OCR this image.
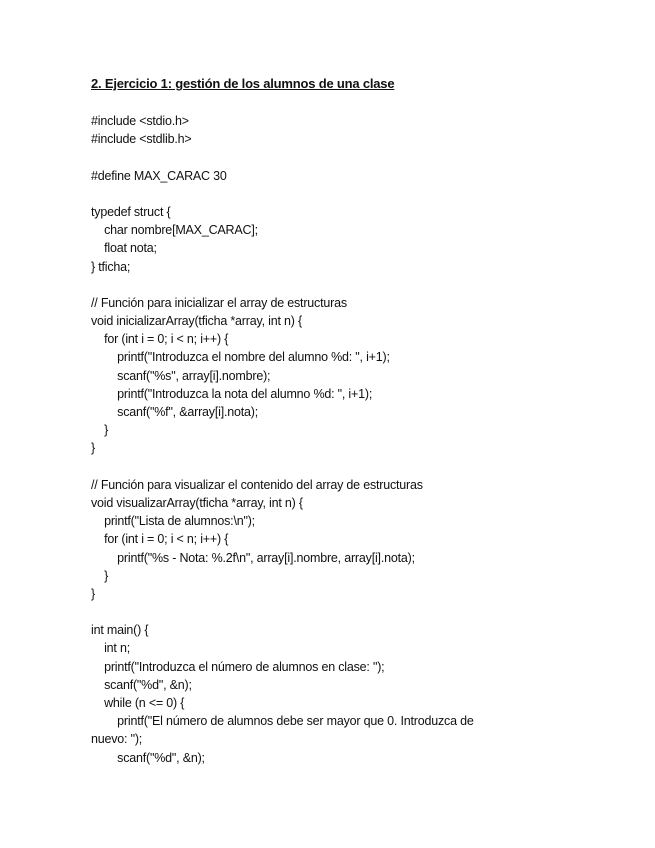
2. Ejercicio 1: gestión de los alumnos de una clase
#include <stdio.h>
#include <stdlib.h>
#define MAX_CARAC 30
typedef struct {
char nombre[MAX_CARAC];
float nota;
} tficha;
// Función para inicializar el array de estructuras
void inicializarArray(tficha *array, int n) {
for (int i = 0; i < n; i++) {
printf("Introduzca el nombre del alumno %d: ", i+1);
scanf("%s", array[i].nombre);
printf("Introduzca la nota del alumno %d: ", i+1);
scanf("%f", &array[i].nota);
}
}
// Función para visualizar el contenido del array de estructuras
void visualizarArray(tficha *array, int n) {
printf("Lista de alumnos:\n");
for (int i = 0; i < n; i++) {
printf("%s - Nota: %.2f\n", array[i].nombre, array[i].nota);
}
}
int main() {
int n;
printf("Introduzca el número de alumnos en clase: ");
scanf("%d", &n);
while (n <= 0) {
printf("El número de alumnos debe ser mayor que 0. Introduzca de
nuevo: ");
scanf("%d", &n);
